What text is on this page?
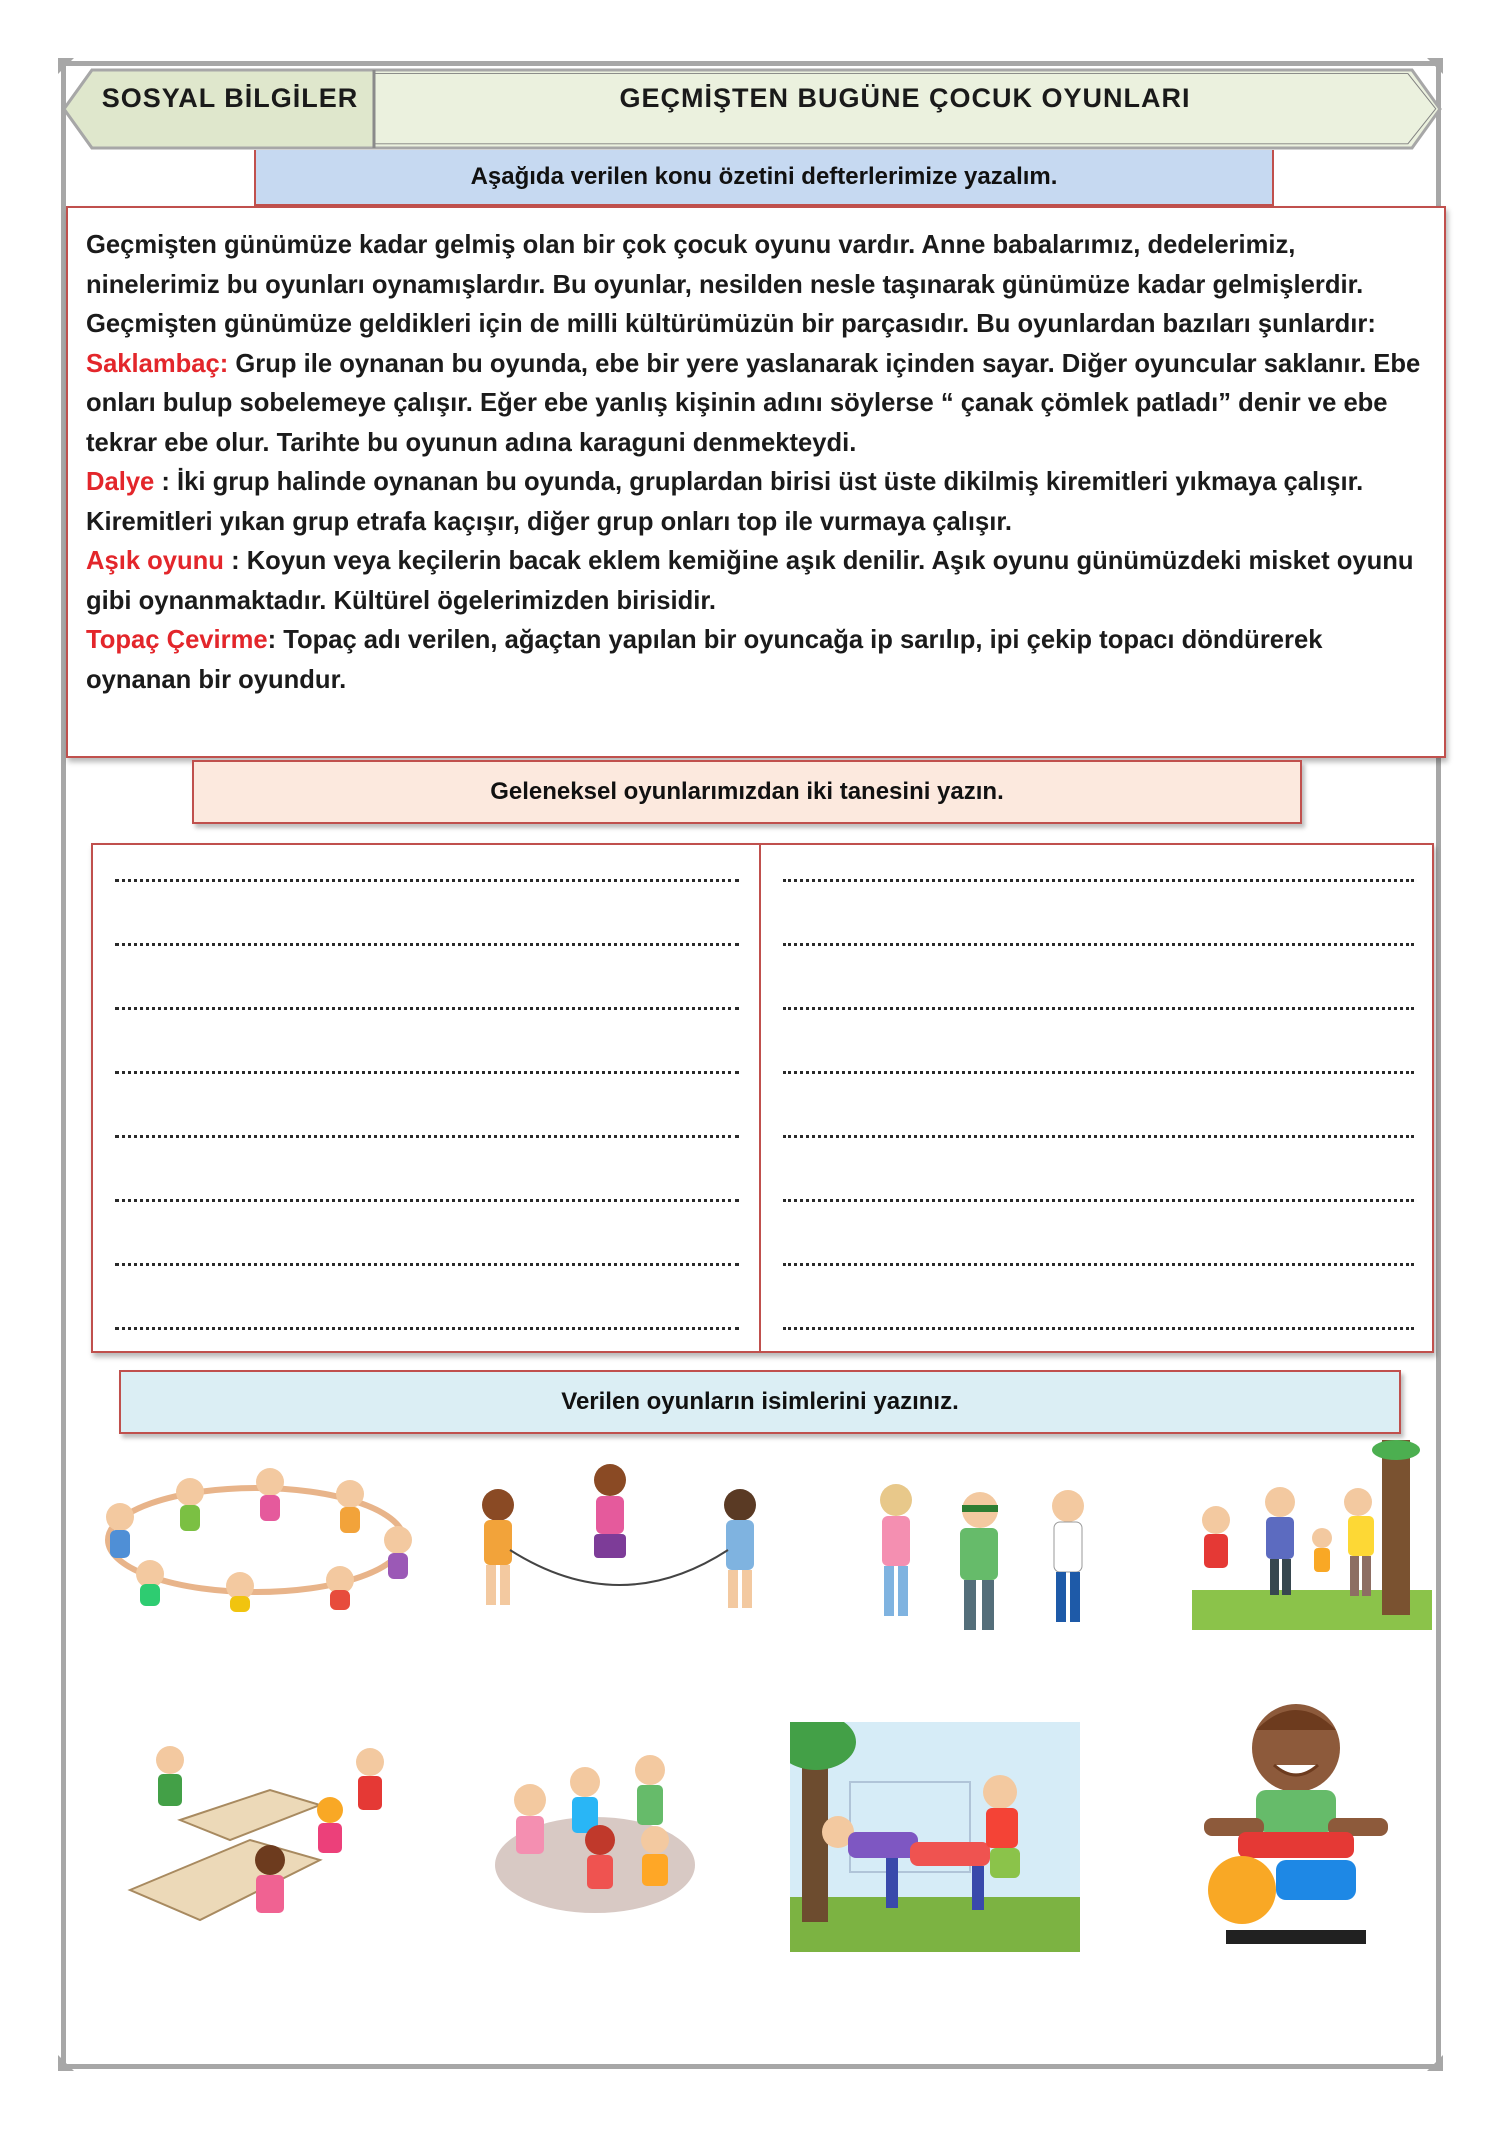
SOSYAL BİLGİLER	GEÇMİŞTEN BUGÜNE ÇOCUK OYUNLARI
Aşağıda verilen konu özetini defterlerimize yazalım.

Geçmişten günümüze kadar gelmiş olan bir çok çocuk oyunu vardır. Anne babalarımız, dedelerimiz, ninelerimiz bu oyunları oynamışlardır. Bu oyunlar, nesilden nesle taşınarak günümüze kadar gelmişlerdir. Geçmişten günümüze geldikleri için de milli kültürümüzün bir parçasıdır. Bu oyunlardan bazıları şunlardır:

Saklambaç: Grup ile oynanan bu oyunda, ebe bir yere yaslanarak içinden sayar. Diğer oyuncular saklanır. Ebe onları bulup sobelemeye çalışır. Eğer ebe yanlış kişinin adını söylerse “ çanak çömlek patladı” denir ve ebe tekrar ebe olur. Tarihte bu oyunun adına karaguni denmekteydi.

Dalye : İki grup halinde oynanan bu oyunda, gruplardan birisi üst üste dikilmiş kiremitleri yıkmaya çalışır. Kiremitleri yıkan grup etrafa kaçışır, diğer grup onları top ile vurmaya çalışır.

Aşık oyunu : Koyun veya keçilerin bacak eklem kemiğine aşık denilir. Aşık oyunu günümüzdeki misket oyunu gibi oynanmaktadır. Kültürel ögelerimizden birisidir.

Topaç Çevirme: Topaç adı verilen, ağaçtan yapılan bir oyuncağa ip sarılıp, ipi çekip topacı döndürerek oynanan bir oyundur.

Geleneksel oyunlarımızdan iki tanesini yazın.
Verilen oyunların isimlerini yazınız.
